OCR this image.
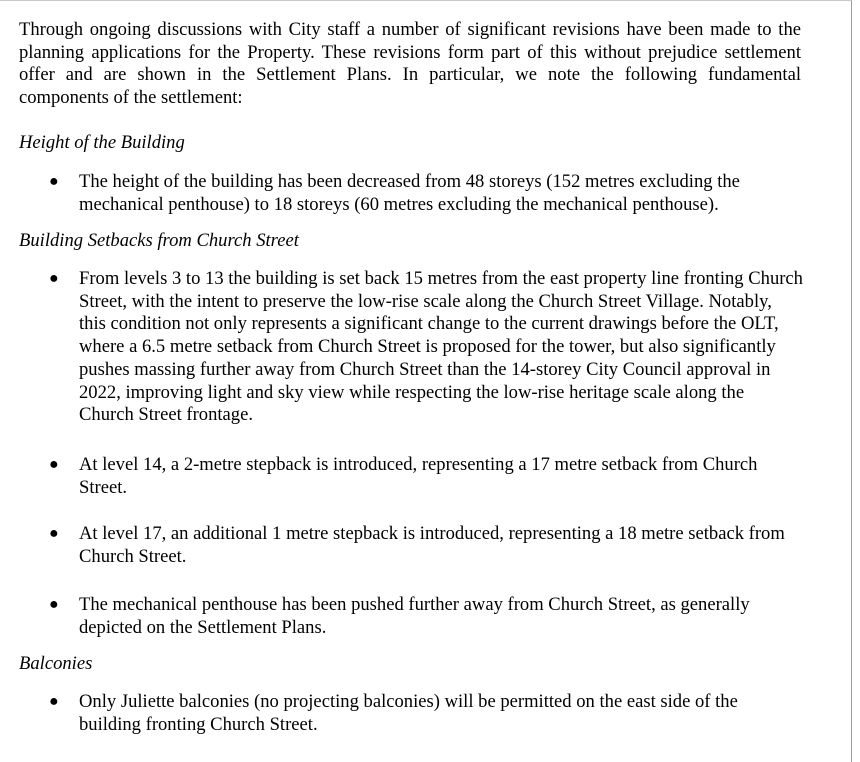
Through ongoing discussions with City staff a number of significant revisions have been made to the planning applications for the Property. These revisions form part of this without prejudice settlement offer and are shown in the Settlement Plans. In particular, we note the following fundamental components of the settlement:

Height of the Building

● The height of the building has been decreased from 48 storeys (152 metres excluding the mechanical penthouse) to 18 storeys (60 metres excluding the mechanical penthouse).

Building Setbacks from Church Street

● From levels 3 to 13 the building is set back 15 metres from the east property line fronting Church Street, with the intent to preserve the low-rise scale along the Church Street Village. Notably, this condition not only represents a significant change to the current drawings before the OLT, where a 6.5 metre setback from Church Street is proposed for the tower, but also significantly pushes massing further away from Church Street than the 14-storey City Council approval in 2022, improving light and sky view while respecting the low-rise heritage scale along the Church Street frontage.

● At level 14, a 2-metre stepback is introduced, representing a 17 metre setback from Church Street.

● At level 17, an additional 1 metre stepback is introduced, representing a 18 metre setback from Church Street.

● The mechanical penthouse has been pushed further away from Church Street, as generally depicted on the Settlement Plans.

Balconies

● Only Juliette balconies (no projecting balconies) will be permitted on the east side of the building fronting Church Street.
